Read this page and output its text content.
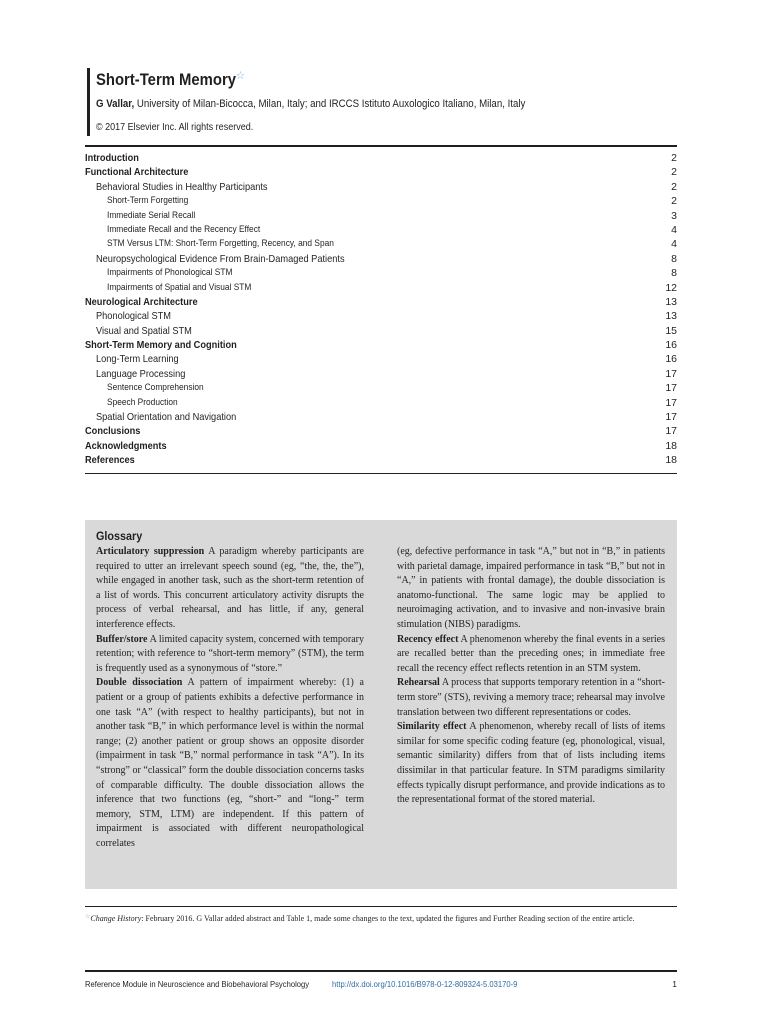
Short-Term Memory☆
G Vallar, University of Milan-Bicocca, Milan, Italy; and IRCCS Istituto Auxologico Italiano, Milan, Italy
© 2017 Elsevier Inc. All rights reserved.
Introduction	2
Functional Architecture	2
Behavioral Studies in Healthy Participants	2
Short-Term Forgetting	2
Immediate Serial Recall	3
Immediate Recall and the Recency Effect	4
STM Versus LTM: Short-Term Forgetting, Recency, and Span	4
Neuropsychological Evidence From Brain-Damaged Patients	8
Impairments of Phonological STM	8
Impairments of Spatial and Visual STM	12
Neurological Architecture	13
Phonological STM	13
Visual and Spatial STM	15
Short-Term Memory and Cognition	16
Long-Term Learning	16
Language Processing	17
Sentence Comprehension	17
Speech Production	17
Spatial Orientation and Navigation	17
Conclusions	17
Acknowledgments	18
References	18
Glossary

Articulatory suppression A paradigm whereby participants are required to utter an irrelevant speech sound (eg, “the, the, the”), while engaged in another task, such as the short-term retention of a list of words. This concurrent articulatory activity disrupts the process of verbal rehearsal, and has little, if any, general interference effects.

Buffer/store A limited capacity system, concerned with temporary retention; with reference to “short-term memory” (STM), the term is frequently used as a synonymous of “store.”

Double dissociation A pattern of impairment whereby: (1) a patient or a group of patients exhibits a defective performance in one task “A” (with respect to healthy participants), but not in another task “B,” in which performance level is within the normal range; (2) another patient or group shows an opposite disorder (impairment in task “B,” normal performance in task “A”). In its “strong” or “classical” form the double dissociation concerns tasks of comparable difficulty. The double dissociation allows the inference that two functions (eg, “short-” and “long-” term memory, STM, LTM) are independent. If this pattern of impairment is associated with different neuropathological correlates

(eg, defective performance in task “A,” but not in “B,” in patients with parietal damage, impaired performance in task “B,” but not in “A,” in patients with frontal damage), the double dissociation is anatomo-functional. The same logic may be applied to neuroimaging activation, and to invasive and non-invasive brain stimulation (NIBS) paradigms.

Recency effect A phenomenon whereby the final events in a series are recalled better than the preceding ones; in immediate free recall the recency effect reflects retention in an STM system.

Rehearsal A process that supports temporary retention in a “short-term store” (STS), reviving a memory trace; rehearsal may involve translation between two different representations or codes.

Similarity effect A phenomenon, whereby recall of lists of items similar for some specific coding feature (eg, phonological, visual, semantic similarity) differs from that of lists including items dissimilar in that particular feature. In STM paradigms similarity effects typically disrupt performance, and provide indications as to the representational format of the stored material.

☆Change History: February 2016. G Vallar added abstract and Table 1, made some changes to the text, updated the figures and Further Reading section of the entire article.
Reference Module in Neuroscience and Biobehavioral Psychology	http://dx.doi.org/10.1016/B978-0-12-809324-5.03170-9	1
